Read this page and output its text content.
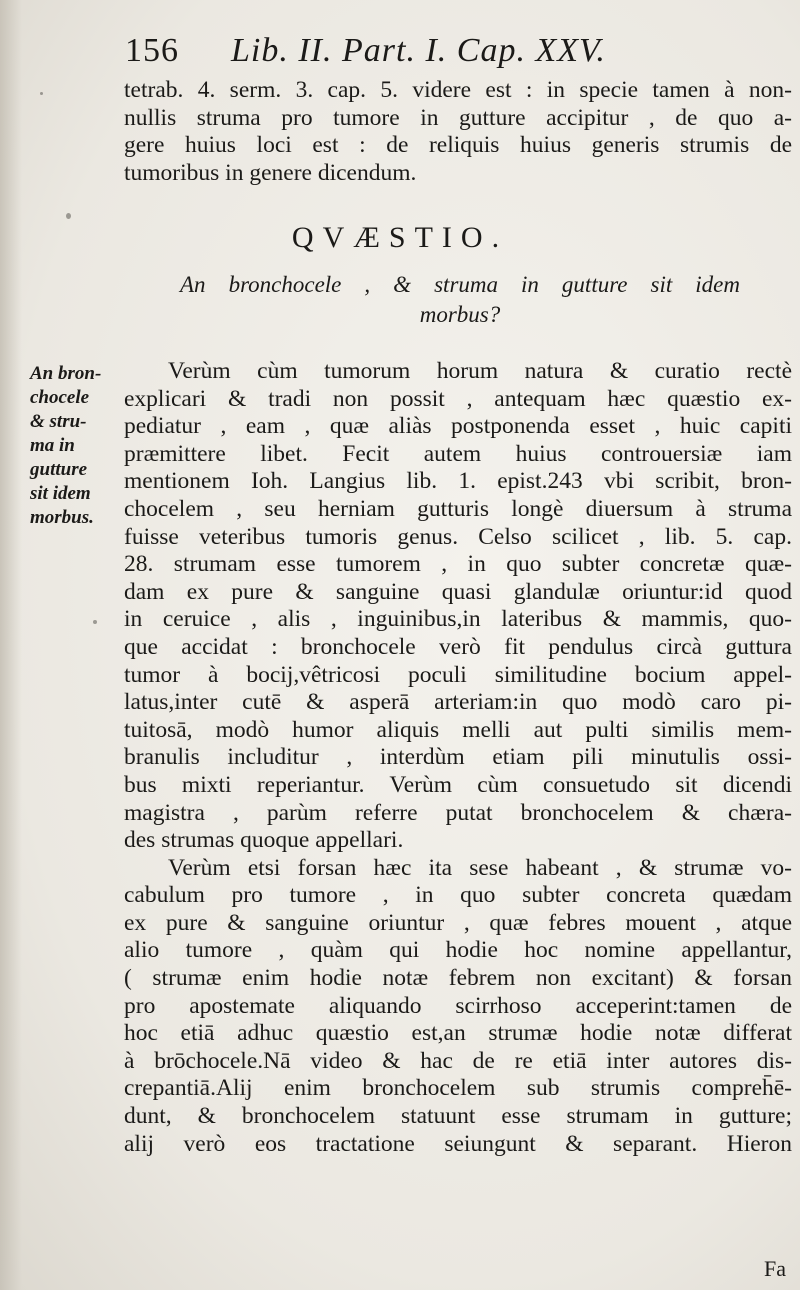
156 Lib. II. Part. I. Cap. XXV.
tetrab. 4. serm. 3. cap. 5. videre est : in specie tamen à non-
nullis struma pro tumore in gutture accipitur , de quo a-
gere huius loci est : de reliquis huius generis strumis de
tumoribus in genere dicendum.
QVÆSTIO.
An bronchocele , & struma in gutture sit idem
morbus?
An bron-
chocele
& stru-
ma in
gutture
sit idem
morbus.
Verùm cùm tumorum horum natura & curatio rectè
explicari & tradi non possit , antequam hæc quæstio ex-
pediatur , eam , quæ aliàs postponenda esset , huic capiti
præmittere libet. Fecit autem huius controuersiæ iam
mentionem Ioh. Langius lib. 1. epist.243 vbi scribit, bron-
chocelem , seu herniam gutturis longè diuersum à struma
fuisse veteribus tumoris genus. Celso scilicet , lib. 5. cap.
28. strumam esse tumorem , in quo subter concretæ quæ-
dam ex pure & sanguine quasi glandulæ oriuntur:id quod
in ceruice , alis , inguinibus,in lateribus & mammis, quo-
que accidat : bronchocele verò fit pendulus circà guttura
tumor à bocij,vêtricosi poculi similitudine bocium appel-
latus,inter cutē & asperā arteriam:in quo modò caro pi-
tuitosā, modò humor aliquis melli aut pulti similis mem-
branulis includitur , interdùm etiam pili minutulis ossi-
bus mixti reperiantur. Verùm cùm consuetudo sit dicendi
magistra , parùm referre putat bronchocelem & chæra-
des strumas quoque appellari.
Verùm etsi forsan hæc ita sese habeant , & strumæ vo-
cabulum pro tumore , in quo subter concreta quædam
ex pure & sanguine oriuntur , quæ febres mouent , atque
alio tumore , quàm qui hodie hoc nomine appellantur,
( strumæ enim hodie notæ febrem non excitant) & forsan
pro apostemate aliquando scirrhoso acceperint:tamen de
hoc etiā adhuc quæstio est,an strumæ hodie notæ differat
à brōchocele.Nā video & hac de re etiā inter autores dis-
crepantiā.Alij enim bronchocelem sub strumis compreh̄ē-
dunt, & bronchocelem statuunt esse strumam in gutture;
alij verò eos tractatione seiungunt & separant. Hieron
Fa
